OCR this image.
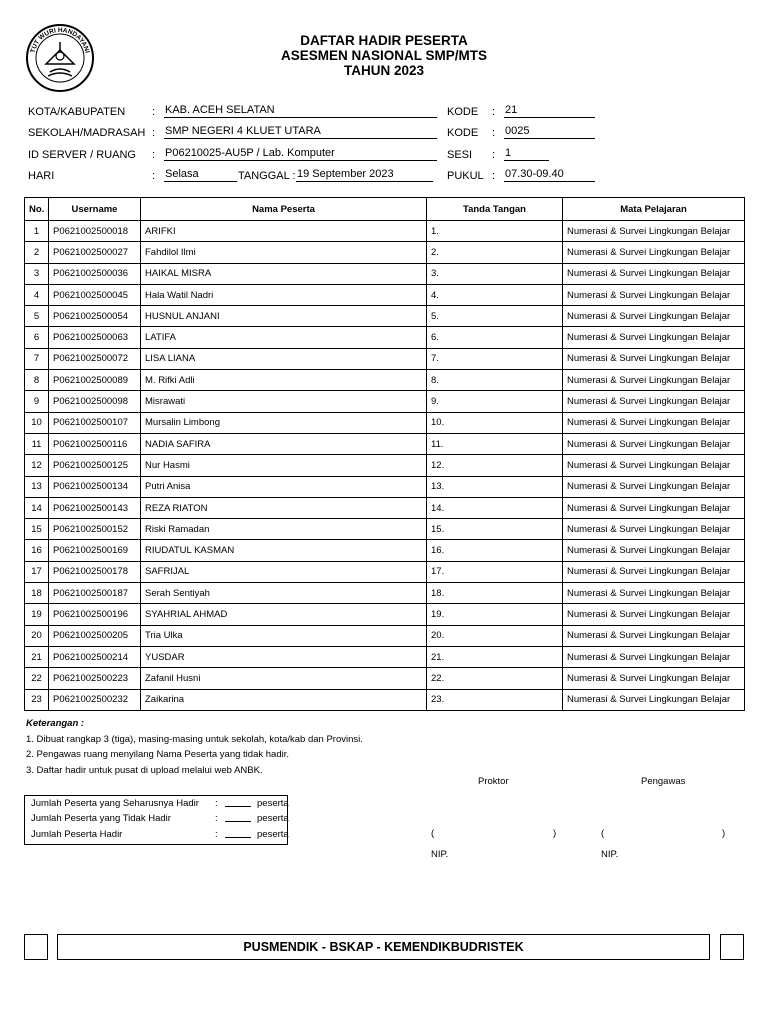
TUT WURI HANDAYANI
DAFTAR HADIR PESERTA
ASESMEN NASIONAL SMP/MTS
TAHUN 2023
KOTA/KABUPATEN : KAB. ACEH SELATAN
SEKOLAH/MADRASAH : SMP NEGERI 4 KLUET UTARA
ID SERVER / RUANG : P06210025-AU5P / Lab. Komputer
HARI	: Selasa	TANGGAL : 19 September 2023
KODE : 21
KODE : 0025
SESI : 1
PUKUL : 07.30-09.40
No.	Username	Nama Peserta	Tanda Tangan	Mata Pelajaran
1	P0621002500018	ARIFKI	1.	Numerasi & Survei Lingkungan Belajar
2	P0621002500027	Fahdilol Ilmi	2.	Numerasi & Survei Lingkungan Belajar
3	P0621002500036	HAIKAL MISRA	3.	Numerasi & Survei Lingkungan Belajar
4	P0621002500045	Hala Watil Nadri	4.	Numerasi & Survei Lingkungan Belajar
5	P0621002500054	HUSNUL ANJANI	5.	Numerasi & Survei Lingkungan Belajar
6	P0621002500063	LATIFA	6.	Numerasi & Survei Lingkungan Belajar
7	P0621002500072	LISA LIANA	7.	Numerasi & Survei Lingkungan Belajar
8	P0621002500089	M. Rifki Adli	8.	Numerasi & Survei Lingkungan Belajar
9	P0621002500098	Misrawati	9.	Numerasi & Survei Lingkungan Belajar
10	P0621002500107	Mursalin Limbong	10.	Numerasi & Survei Lingkungan Belajar
11	P0621002500116	NADIA SAFIRA	11.	Numerasi & Survei Lingkungan Belajar
12	P0621002500125	Nur Hasmi	12.	Numerasi & Survei Lingkungan Belajar
13	P0621002500134	Putri Anisa	13.	Numerasi & Survei Lingkungan Belajar
14	P0621002500143	REZA RIATON	14.	Numerasi & Survei Lingkungan Belajar
15	P0621002500152	Riski Ramadan	15.	Numerasi & Survei Lingkungan Belajar
16	P0621002500169	RIUDATUL KASMAN	16.	Numerasi & Survei Lingkungan Belajar
17	P0621002500178	SAFRIJAL	17.	Numerasi & Survei Lingkungan Belajar
18	P0621002500187	Serah Sentiyah	18.	Numerasi & Survei Lingkungan Belajar
19	P0621002500196	SYAHRIAL AHMAD	19.	Numerasi & Survei Lingkungan Belajar
20	P0621002500205	Tria Ulka	20.	Numerasi & Survei Lingkungan Belajar
21	P0621002500214	YUSDAR	21.	Numerasi & Survei Lingkungan Belajar
22	P0621002500223	Zafanil Husni	22.	Numerasi & Survei Lingkungan Belajar
23	P0621002500232	Zaikarina	23.	Numerasi & Survei Lingkungan Belajar
Keterangan :
1. Dibuat rangkap 3 (tiga), masing-masing untuk sekolah, kota/kab dan Provinsi.
2. Pengawas ruang menyilang Nama Peserta yang tidak hadir.
3. Daftar hadir untuk pusat di upload melalui web ANBK.
Jumlah Peserta yang Seharusnya Hadir :	peserta
Jumlah Peserta yang Tidak Hadir	:	peserta
Jumlah Peserta Hadir	:	peserta
Proktor	Pengawas
(	)	(	)
NIP.	NIP.
PUSMENDIK - BSKAP - KEMENDIKBUDRISTEK
